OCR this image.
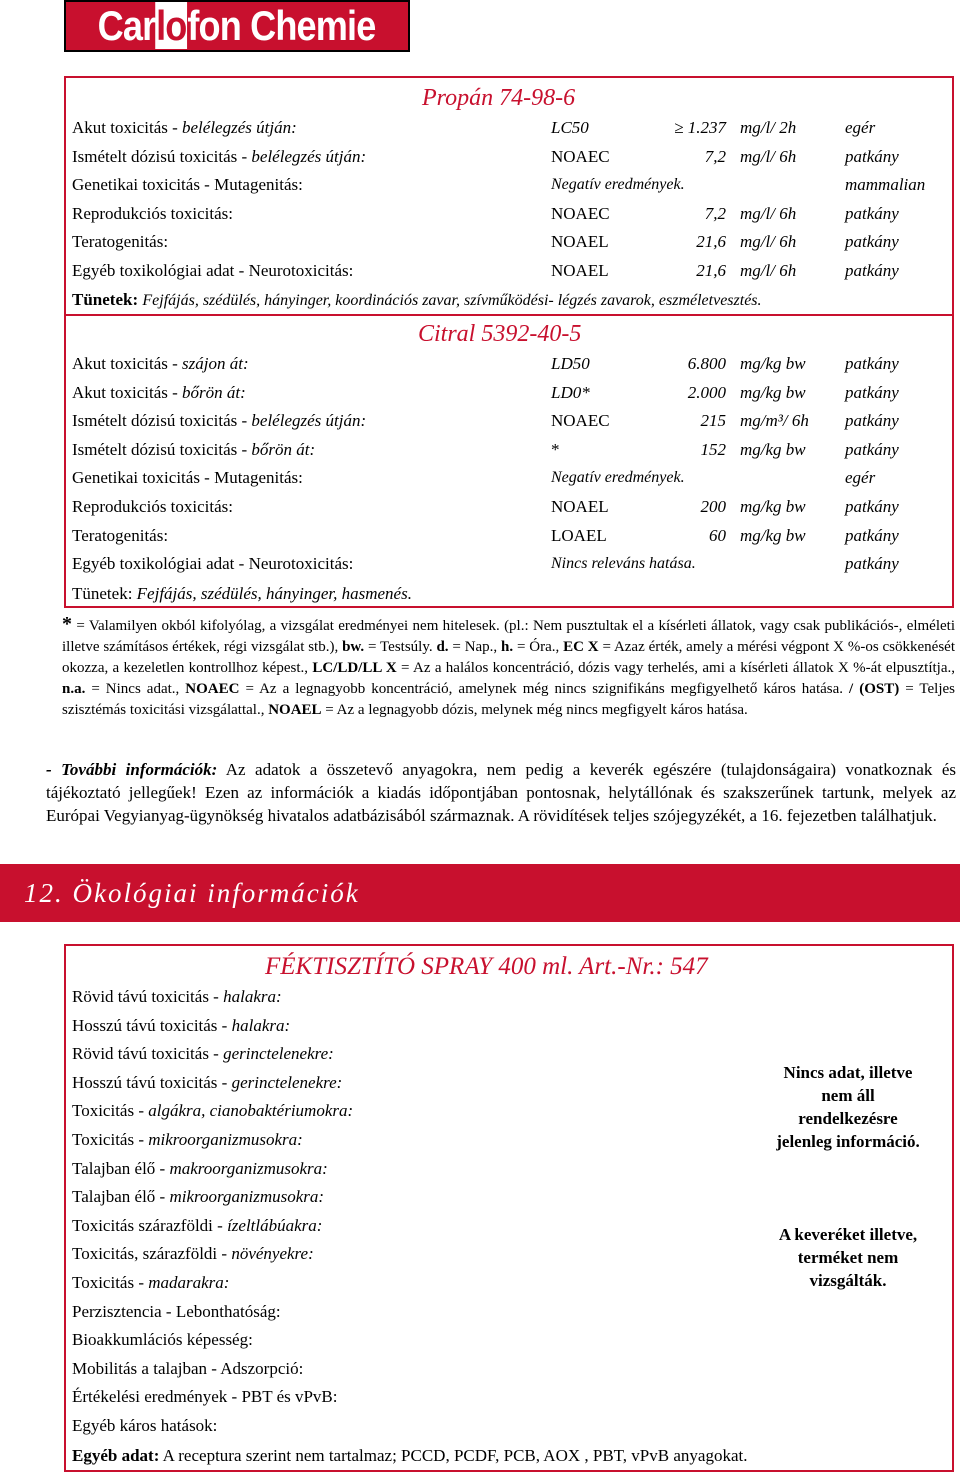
Carlofon Chemie
Propán 74-98-6
Akut toxicitás - belélegzés útján:	LC50	≥ 1.237 mg/l/ 2h	egér
Ismételt dózisú toxicitás - belélegzés útján:	NOAEC	7,2 mg/l/ 6h	patkány
Genetikai toxicitás - Mutagenitás:	Negatív eredmények.	mammalian
Reprodukciós toxicitás:	NOAEC	7,2 mg/l/ 6h	patkány
Teratogenitás:	NOAEL	21,6 mg/l/ 6h	patkány
Egyéb toxikológiai adat - Neurotoxicitás:	NOAEL	21,6 mg/l/ 6h	patkány
Tünetek: Fejfájás, szédülés, hányinger, koordinációs zavar, szívműködési- légzés zavarok, eszméletvesztés.
Citral 5392-40-5
Akut toxicitás - szájon át:	LD50	6.800 mg/kg bw patkány
Akut toxicitás - bőrön át:	LD0*	2.000 mg/kg bw patkány
Ismételt dózisú toxicitás - belélegzés útján:	NOAEC	215 mg/m³/ 6h patkány
Ismételt dózisú toxicitás - bőrön át:	*	152 mg/kg bw patkány
Genetikai toxicitás - Mutagenitás:	Negatív eredmények.	egér
Reprodukciós toxicitás:	NOAEL	200 mg/kg bw patkány
Teratogenitás:	LOAEL	60 mg/kg bw patkány
Egyéb toxikológiai adat - Neurotoxicitás:	Nincs releváns hatása.	patkány
Tünetek: Fejfájás, szédülés, hányinger, hasmenés.
* = Valamilyen okból kifolyólag, a vizsgálat eredményei nem hitelesek. (pl.: Nem pusztultak el a kísérleti állatok, vagy csak publikációs-, elméleti illetve számításos értékek, régi vizsgálat stb.), bw. = Testsúly. d. = Nap., h. = Óra., EC X = Azaz érték, amely a mérési végpont X %-os csökkenését okozza, a kezeletlen kontrollhoz képest., LC/LD/LL X = Az a halálos koncentráció, dózis vagy terhelés, ami a kísérleti állatok X %-át elpusztítja., n.a. = Nincs adat., NOAEC = Az a legnagyobb koncentráció, amelynek még nincs szignifikáns megfigyelhető káros hatása. / (OST) = Teljes szisztémás toxicitási vizsgálattal., NOAEL = Az a legnagyobb dózis, melynek még nincs megfigyelt káros hatása.
- További információk: Az adatok a összetevő anyagokra, nem pedig a keverék egészére (tulajdonságaira) vonatkoznak és tájékoztató jellegűek! Ezen az információk a kiadás időpontjában pontosnak, helytállónak és szakszerűnek tartunk, melyek az Európai Vegyianyag-ügynökség hivatalos adatbázisából származnak. A rövidítések teljes szójegyzékét, a 16. fejezetben találhatjuk.
12. Ökológiai információk
FÉKTISZTÍTÓ SPRAY 400 ml. Art.-Nr.: 547
Rövid távú toxicitás - halakra:
Hosszú távú toxicitás - halakra:
Rövid távú toxicitás - gerinctelenekre:
Hosszú távú toxicitás - gerinctelenekre:
Toxicitás - algákra, cianobaktériumokra:
Toxicitás - mikroorganizmusokra:
Talajban élő - makroorganizmusokra:
Talajban élő - mikroorganizmusokra:
Toxicitás szárazföldi - ízeltlábúakra:
Toxicitás, szárazföldi - növényekre:
Toxicitás - madarakra:
Perzisztencia - Lebonthatóság:
Bioakkumlációs képesség:
Mobilitás a talajban - Adszorpció:
Értékelési eredmények - PBT és vPvB:
Egyéb káros hatások:
Nincs adat, illetve nem áll rendelkezésre jelenleg információ.
A keveréket illetve, terméket nem vizsgálták.
Egyéb adat: A receptura szerint nem tartalmaz; PCCD, PCDF, PCB, AOX , PBT, vPvB anyagokat.
